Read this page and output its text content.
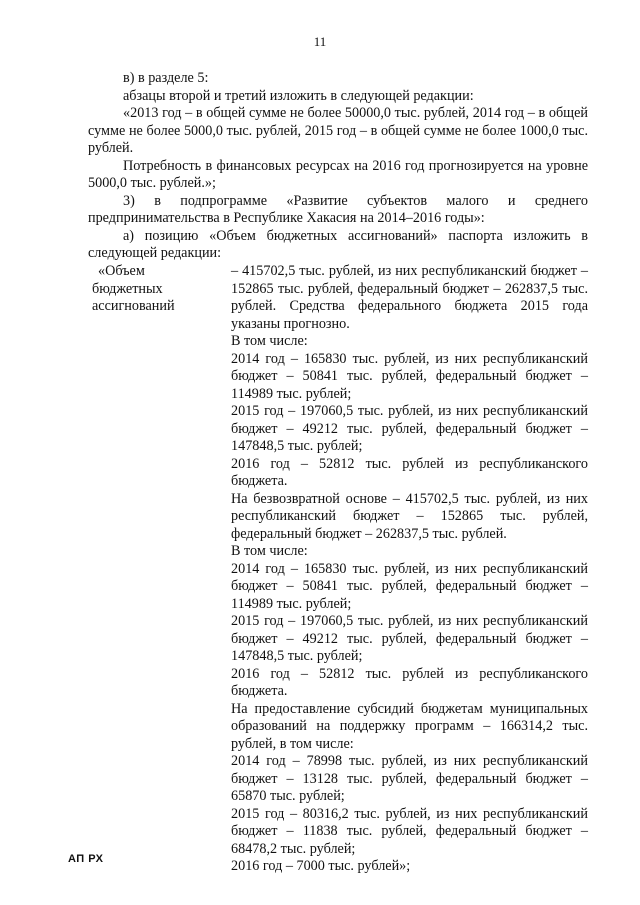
11

в) в разделе 5:

абзацы второй и третий изложить в следующей редакции:

«2013 год – в общей сумме не более 50000,0 тыс. рублей, 2014 год – в общей сумме не более 5000,0 тыс. рублей, 2015 год – в общей сумме не более 1000,0 тыс. рублей.

Потребность в финансовых ресурсах на 2016 год прогнозируется на уровне 5000,0 тыс. рублей.»;

3) в подпрограмме «Развитие субъектов малого и среднего предпринимательства в Республике Хакасия на 2014–2016 годы»:

а) позицию «Объем бюджетных ассигнований» паспорта изложить в следующей редакции:

«Объем бюджетных ассигнований
– 415702,5 тыс. рублей, из них республиканский бюджет – 152865 тыс. рублей, федеральный бюджет – 262837,5 тыс. рублей. Средства федерального бюджета 2015 года указаны прогнозно.
В том числе:
2014 год – 165830 тыс. рублей, из них республиканский бюджет – 50841 тыс. рублей, федеральный бюджет – 114989 тыс. рублей;
2015 год – 197060,5 тыс. рублей, из них республиканский бюджет – 49212 тыс. рублей, федеральный бюджет – 147848,5 тыс. рублей;
2016 год – 52812 тыс. рублей из республиканского бюджета.
На безвозвратной основе – 415702,5 тыс. рублей, из них республиканский бюджет – 152865 тыс. рублей, федеральный бюджет – 262837,5 тыс. рублей.
В том числе:
2014 год – 165830 тыс. рублей, из них республиканский бюджет – 50841 тыс. рублей, федеральный бюджет – 114989 тыс. рублей;
2015 год – 197060,5 тыс. рублей, из них республиканский бюджет – 49212 тыс. рублей, федеральный бюджет – 147848,5 тыс. рублей;
2016 год – 52812 тыс. рублей из республиканского бюджета.
На предоставление субсидий бюджетам муниципальных образований на поддержку программ – 166314,2 тыс. рублей, в том числе:
2014 год – 78998 тыс. рублей, из них республиканский бюджет – 13128 тыс. рублей, федеральный бюджет – 65870 тыс. рублей;
2015 год – 80316,2 тыс. рублей, из них республиканский бюджет – 11838 тыс. рублей, федеральный бюджет – 68478,2 тыс. рублей;
2016 год – 7000 тыс. рублей»;
АП РХ
